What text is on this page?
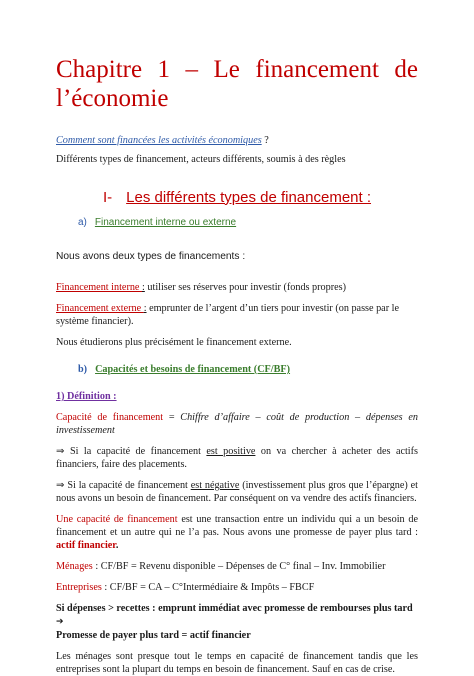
Chapitre 1 – Le financement de
l’économie

Comment sont financées les activités économiques ?

Différents types de financement, acteurs différents, soumis à des règles

I- Les différents types de financement :
a) Financement interne ou externe

Nous avons deux types de financements :

Financement interne : utiliser ses réserves pour investir (fonds propres)

Financement externe : emprunter de l’argent d’un tiers pour investir (on passe par le système financier).

Nous étudierons plus précisément le financement externe.

b) Capacités et besoins de financement (CF/BF)

1) Définition :

Capacité de financement = Chiffre d’affaire – coût de production – dépenses en investissement

⇒ Si la capacité de financement est positive on va chercher à acheter des actifs financiers, faire des placements.

⇒ Si la capacité de financement est négative (investissement plus gros que l’épargne) et nous avons un besoin de financement. Par conséquent on va vendre des actifs financiers.

Une capacité de financement est une transaction entre un individu qui a un besoin de financement et un autre qui ne l’a pas. Nous avons une promesse de payer plus tard : actif financier.

Ménages : CF/BF = Revenu disponible – Dépenses de C° final – Inv. Immobilier

Entreprises : CF/BF = CA – C°Intermédiaire & Impôts – FBCF

Si dépenses > recettes : emprunt immédiat avec promesse de rembourses plus tard ➔
Promesse de payer plus tard = actif financier

Les ménages sont presque tout le temps en capacité de financement tandis que les entreprises sont la plupart du temps en besoin de financement. Sauf en cas de crise.
